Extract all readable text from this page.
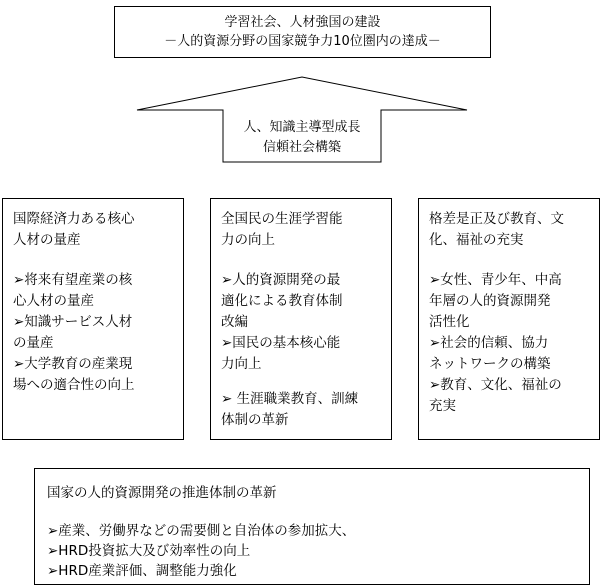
学習社会、人材強国の建設
－人的資源分野の国家競争力10位圏内の達成－
人、知識主導型成長
信頼社会構築
国際経済力ある核心
人材の量産
➢将来有望産業の核
心人材の量産
➢知識サービス人材
の量産
➢大学教育の産業現
場への適合性の向上
全国民の生涯学習能
力の向上
➢人的資源開発の最
適化による教育体制
改編
➢国民の基本核心能
力向上
➢ 生涯職業教育、訓練
体制の革新
格差是正及び教育、文
化、福祉の充実
➢女性、青少年、中高
年層の人的資源開発
活性化
➢社会的信頼、協力
ネットワークの構築
➢教育、文化、福祉の
充実
国家の人的資源開発の推進体制の革新
➢産業、労働界などの需要側と自治体の参加拡大、
➢HRD投資拡大及び効率性の向上
➢HRD産業評価、調整能力強化
